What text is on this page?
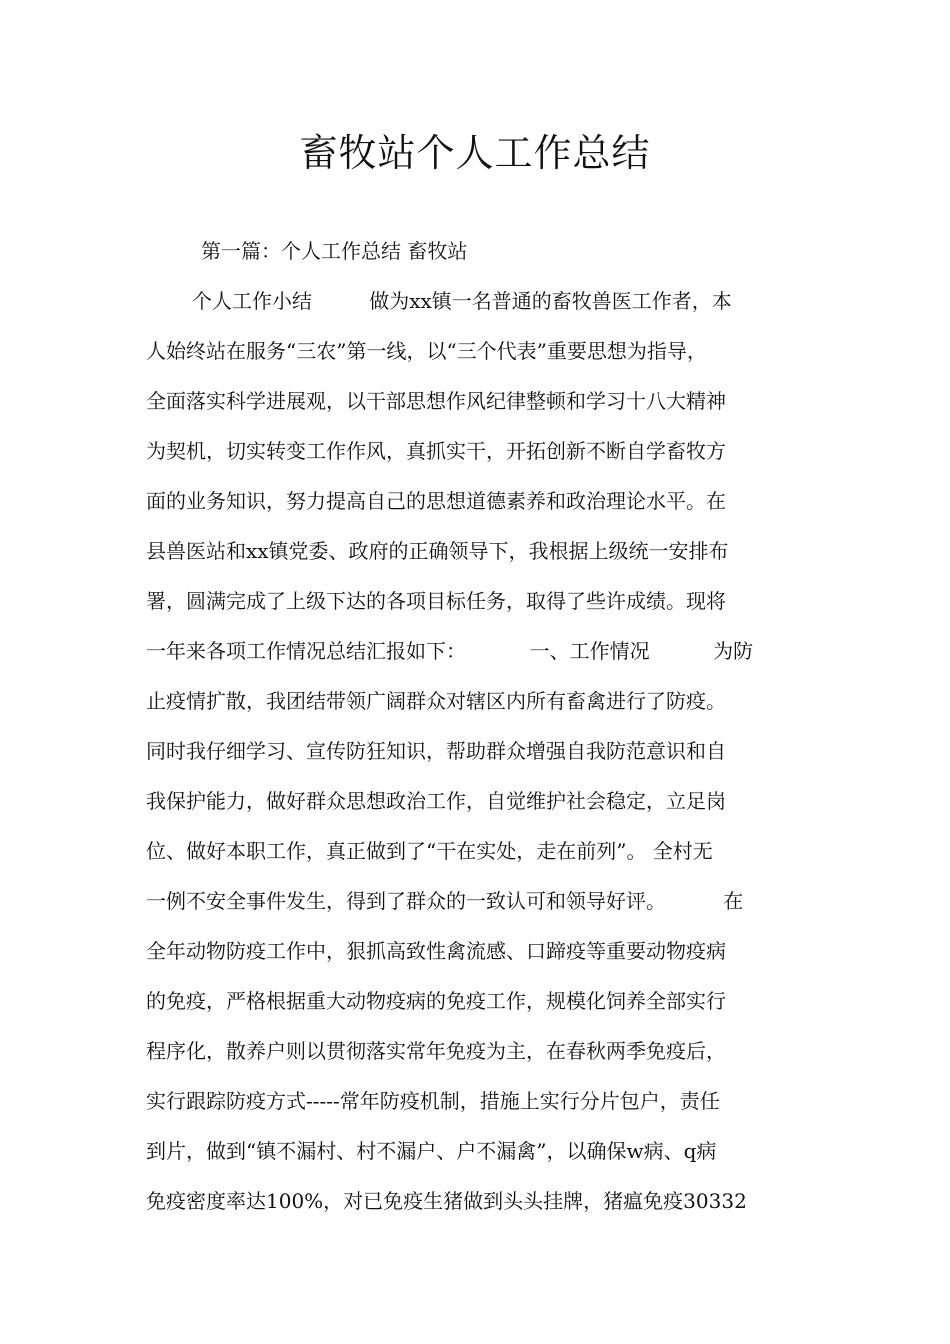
畜牧站个人工作总结
第一篇：个人工作总结 畜牧站
个人工作小结         做为xx镇一名普通的畜牧兽医工作者，本
人始终站在服务“三农”第一线，以“三个代表”重要思想为指导，
全面落实科学进展观，以干部思想作风纪律整顿和学习十八大精神
为契机，切实转变工作作风，真抓实干，开拓创新不断自学畜牧方
面的业务知识，努力提高自己的思想道德素养和政治理论水平。在
县兽医站和xx镇党委、政府的正确领导下，我根据上级统一安排布
署，圆满完成了上级下达的各项目标任务，取得了些许成绩。现将
一年来各项工作情况总结汇报如下：          一、工作情况          为防
止疫情扩散，我团结带领广阔群众对辖区内所有畜禽进行了防疫。
同时我仔细学习、宣传防狂知识，帮助群众增强自我防范意识和自
我保护能力，做好群众思想政治工作，自觉维护社会稳定，立足岗
位、做好本职工作，真正做到了“干在实处，走在前列”。 全村无
一例不安全事件发生，得到了群众的一致认可和领导好评。         在
全年动物防疫工作中，狠抓高致性禽流感、口蹄疫等重要动物疫病
的免疫，严格根据重大动物疫病的免疫工作，规模化饲养全部实行
程序化，散养户则以贯彻落实常年免疫为主，在春秋两季免疫后，
实行跟踪防疫方式-----常年防疫机制，措施上实行分片包户，责任
到片，做到“镇不漏村、村不漏户、户不漏禽”，以确保w病、q病
免疫密度率达100%，对已免疫生猪做到头头挂牌，猪瘟免疫30332
